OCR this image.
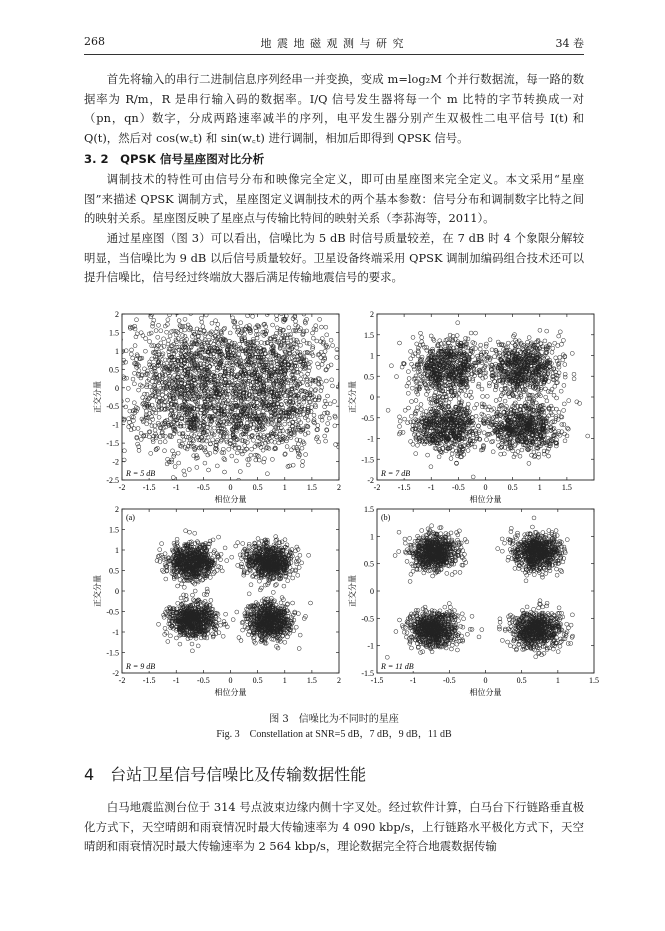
268	地 震 地 磁 观 测 与 研 究	34 卷

首先将输入的串行二进制信息序列经串一并变换，变成 m=log₂M 个并行数据流，每一路的数据率为 R/m，R 是串行输入码的数据率。I/Q 信号发生器将每一个 m 比特的字节转换成一对（pn，qn）数字，分成两路速率减半的序列，电平发生器分别产生双极性二电平信号 I(t) 和 Q(t)，然后对 cos(w꜀t) 和 sin(w꜀t) 进行调制，相加后即得到 QPSK 信号。

3. 2　QPSK 信号星座图对比分析

调制技术的特性可由信号分布和映像完全定义，即可由星座图来完全定义。本文采用“星座图”来描述 QPSK 调制方式，星座图定义调制技术的两个基本参数：信号分布和调制数字比特之间的映射关系。星座图反映了星座点与传输比特间的映射关系（李荪海等，2011）。

通过星座图（图 3）可以看出，信噪比为 5 dB 时信号质量较差，在 7 dB 时 4 个象限分解较明显，当信噪比为 9 dB 以后信号质量较好。卫星设备终端采用 QPSK 调制加编码组合技术还可以提升信噪比，信号经过终端放大器后满足传输地震信号的要求。

-2 -1.5 -1 -0.5 0	0.5	1	1.5	2
2
1.5
1
0.5
0
-0.5
-1
-1.5
-2
-2.5
相位分量
正交分量
R = 5 dB
-2 -1.5 -1 -0.5 0	0.5	1	1.5
2
1.5
1
0.5
0
-0.5
-1
-1.5
-2
相位分量
正交分量
R = 7 dB
-2 -1.5 -1 -0.5 0	0.5	1	1.5	2
2
1.5
1
0.5
0
-0.5
-1
-1.5
-2
相位分量
正交分量
R = 9 dB
(a)
-1.5	-1	-0.5	0	0.5	1	1.5
1.5
1
0.5
0
-0.5
-1
-1.5
相位分量
正交分量
R = 11 dB
(b)
图 3　信噪比为不同时的星座
Fig. 3　Constellation at SNR=5 dB，7 dB，9 dB，11 dB
4　台站卫星信号信噪比及传输数据性能

白马地震监测台位于 314 号点波束边缘内侧十字叉处。经过软件计算，白马台下行链路垂直极化方式下，天空晴朗和雨衰情况时最大传输速率为 4 090 kbp/s，上行链路水平极化方式下，天空晴朗和雨衰情况时最大传输速率为 2 564 kbp/s，理论数据完全符合地震数据传输
